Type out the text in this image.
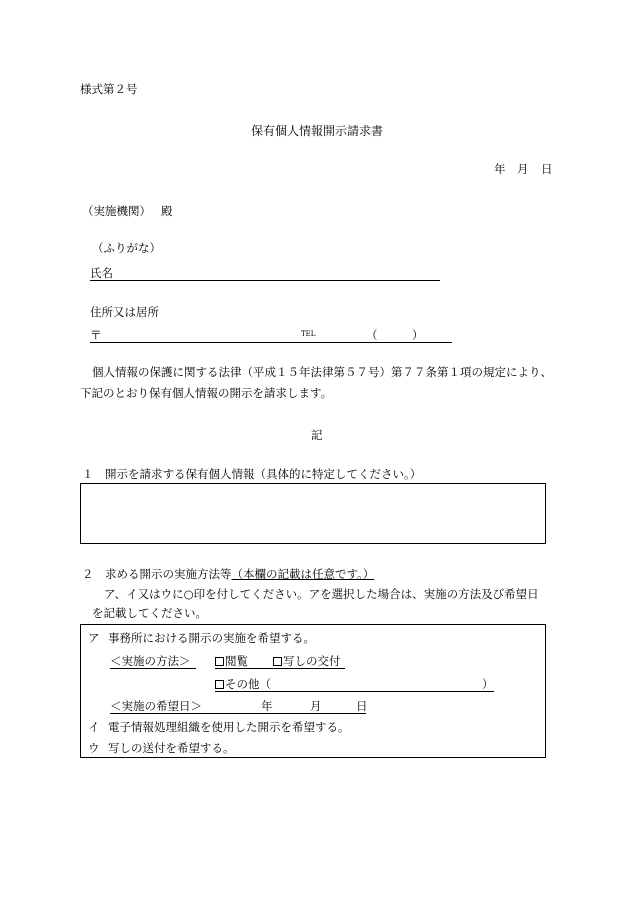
様式第２号
保有個人情報開示請求書
年 月 日
（実施機関） 殿
（ふりがな）
氏名
住所又は居所
〒	TEL	（　　　）
個人情報の保護に関する法律（平成１５年法律第５７号）第７７条第１項の規定により、
下記のとおり保有個人情報の開示を請求します。
記
１　開示を請求する保有個人情報（具体的に特定してください。）
２　求める開示の実施方法等（本欄の記載は任意です。）
ア、イ又はウに○印を付してください。アを選択した場合は、実施の方法及び希望日
を記載してください。
ア 事務所における開示の実施を希望する。
＜実施の方法＞	閲覧	写しの交付
その他（	）
＜実施の希望日＞	年	月	日
イ 電子情報処理組織を使用した開示を希望する。
ウ 写しの送付を希望する。
